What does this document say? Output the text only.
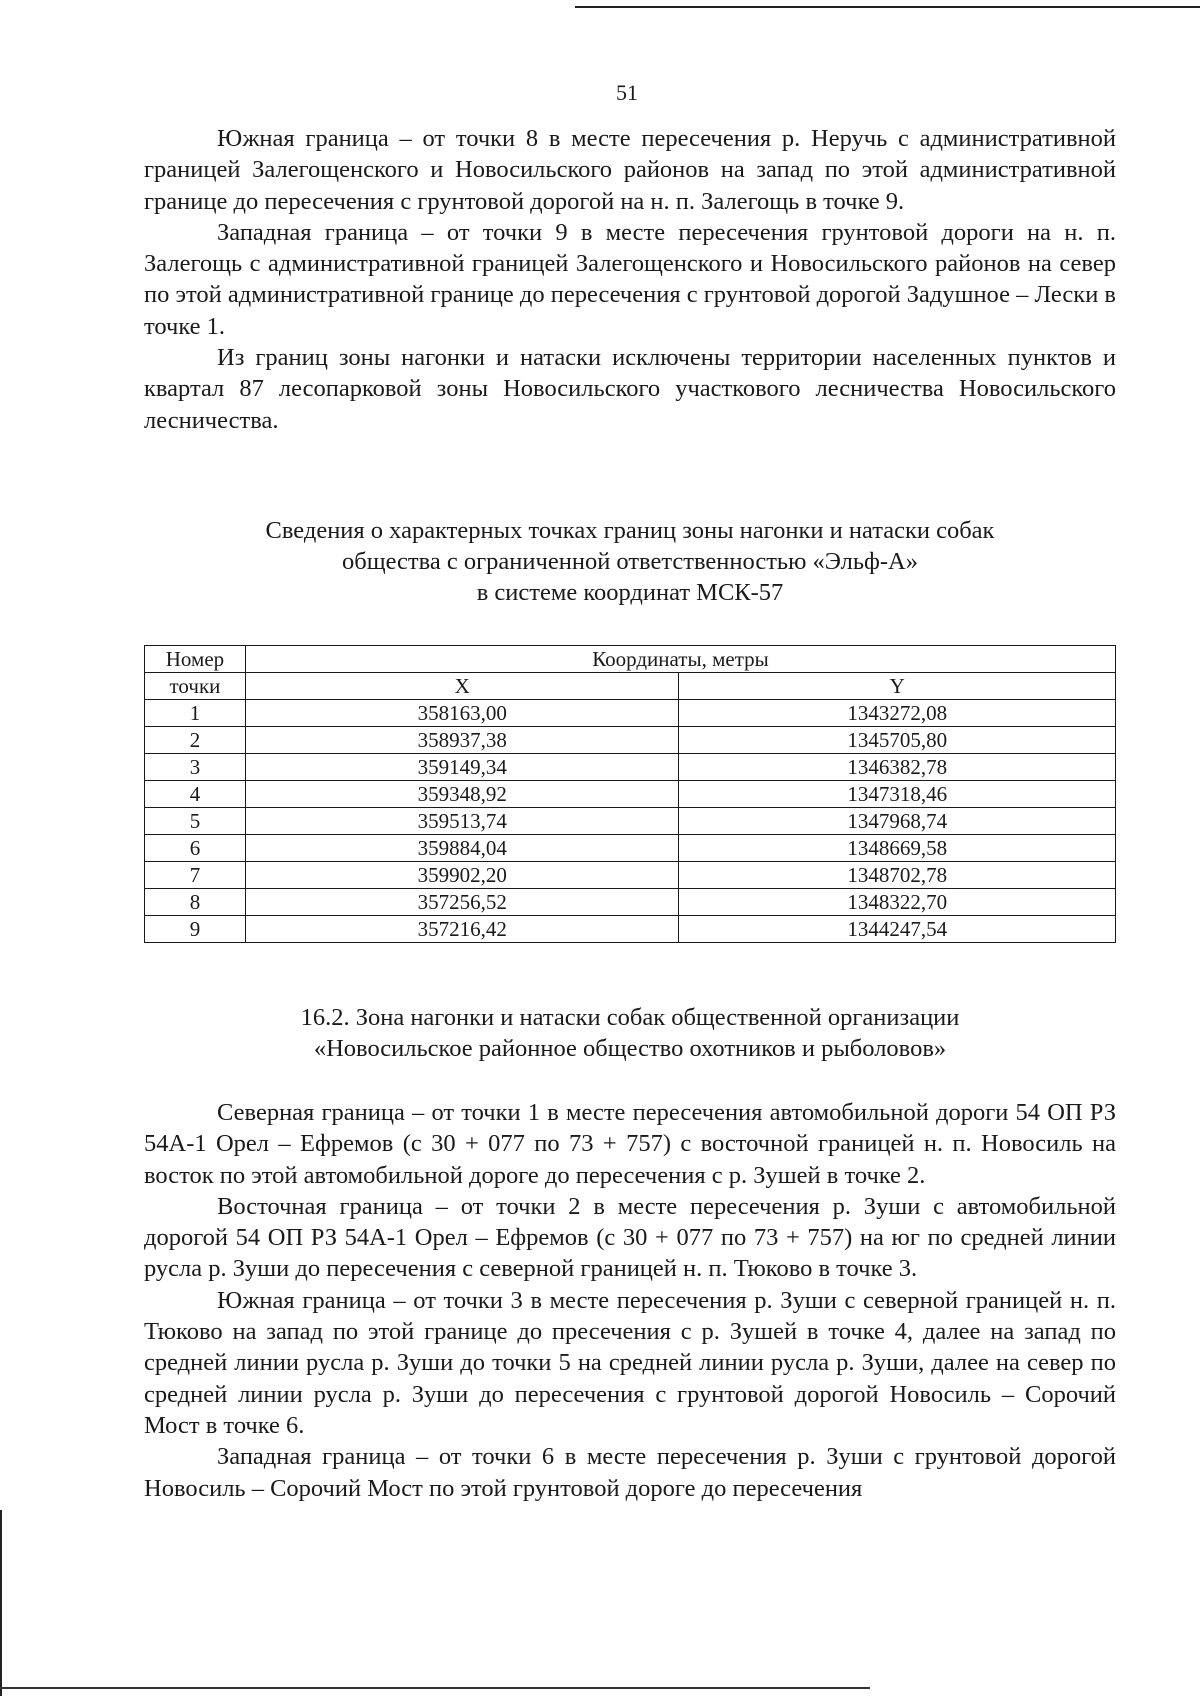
51

Южная граница – от точки 8 в месте пересечения р. Неручь с административной границей Залегощенского и Новосильского районов на запад по этой административной границе до пересечения с грунтовой дорогой на н. п. Залегощь в точке 9.

Западная граница – от точки 9 в месте пересечения грунтовой дороги на н. п. Залегощь с административной границей Залегощенского и Новосильского районов на север по этой административной границе до пересечения с грунтовой дорогой Задушное – Лески в точке 1.

Из границ зоны нагонки и натаски исключены территории населенных пунктов и квартал 87 лесопарковой зоны Новосильского участкового лесничества Новосильского лесничества.

Сведения о характерных точках границ зоны нагонки и натаски собак
общества с ограниченной ответственностью «Эльф-А»
в системе координат МСК-57
Номер	Координаты, метры	
точки	X	Y
1	358163,00	1343272,08
2	358937,38	1345705,80
3	359149,34	1346382,78
4	359348,92	1347318,46
5	359513,74	1347968,74
6	359884,04	1348669,58
7	359902,20	1348702,78
8	357256,52	1348322,70
9	357216,42	1344247,54
16.2. Зона нагонки и натаски собак общественной организации
«Новосильское районное общество охотников и рыболовов»

Северная граница – от точки 1 в месте пересечения автомобильной дороги 54 ОП РЗ 54А-1 Орел – Ефремов (с 30 + 077 по 73 + 757) с восточной границей н. п. Новосиль на восток по этой автомобильной дороге до пересечения с р. Зушей в точке 2.

Восточная граница – от точки 2 в месте пересечения р. Зуши с автомобильной дорогой 54 ОП РЗ 54А-1 Орел – Ефремов (с 30 + 077 по 73 + 757) на юг по средней линии русла р. Зуши до пересечения с северной границей н. п. Тюково в точке 3.

Южная граница – от точки 3 в месте пересечения р. Зуши с северной границей н. п. Тюково на запад по этой границе до пресечения с р. Зушей в точке 4, далее на запад по средней линии русла р. Зуши до точки 5 на средней линии русла р. Зуши, далее на север по средней линии русла р. Зуши до пересечения с грунтовой дорогой Новосиль – Сорочий Мост в точке 6.

Западная граница – от точки 6 в месте пересечения р. Зуши с грунтовой дорогой Новосиль – Сорочий Мост по этой грунтовой дороге до пересечения
